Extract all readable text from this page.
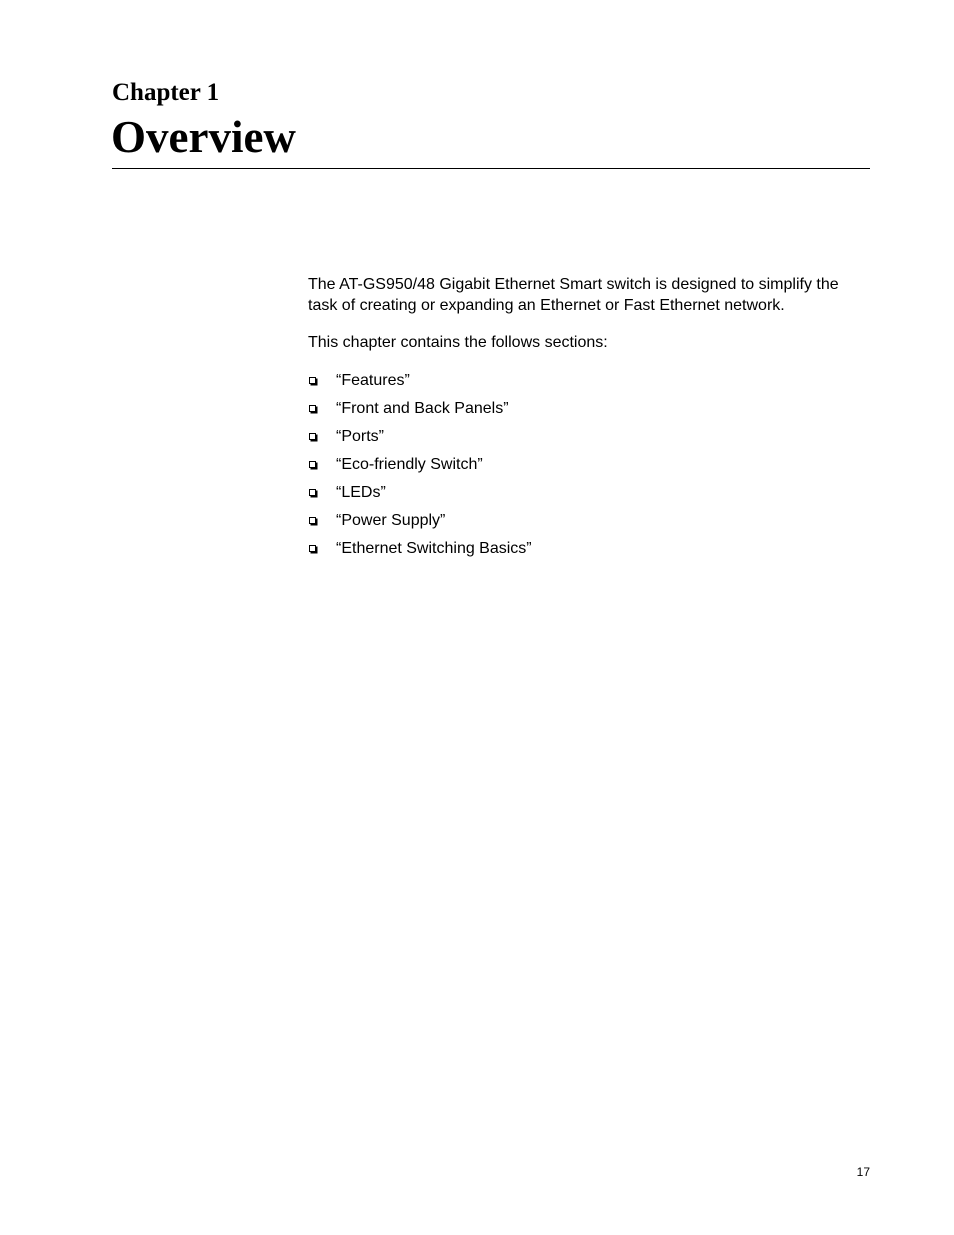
Chapter 1
Overview

The AT-GS950/48 Gigabit Ethernet Smart switch is designed to simplify the task of creating or expanding an Ethernet or Fast Ethernet network.

This chapter contains the follows sections:

“Features”
“Front and Back Panels”
“Ports”
“Eco-friendly Switch”
“LEDs”
“Power Supply”
“Ethernet Switching Basics”
17
